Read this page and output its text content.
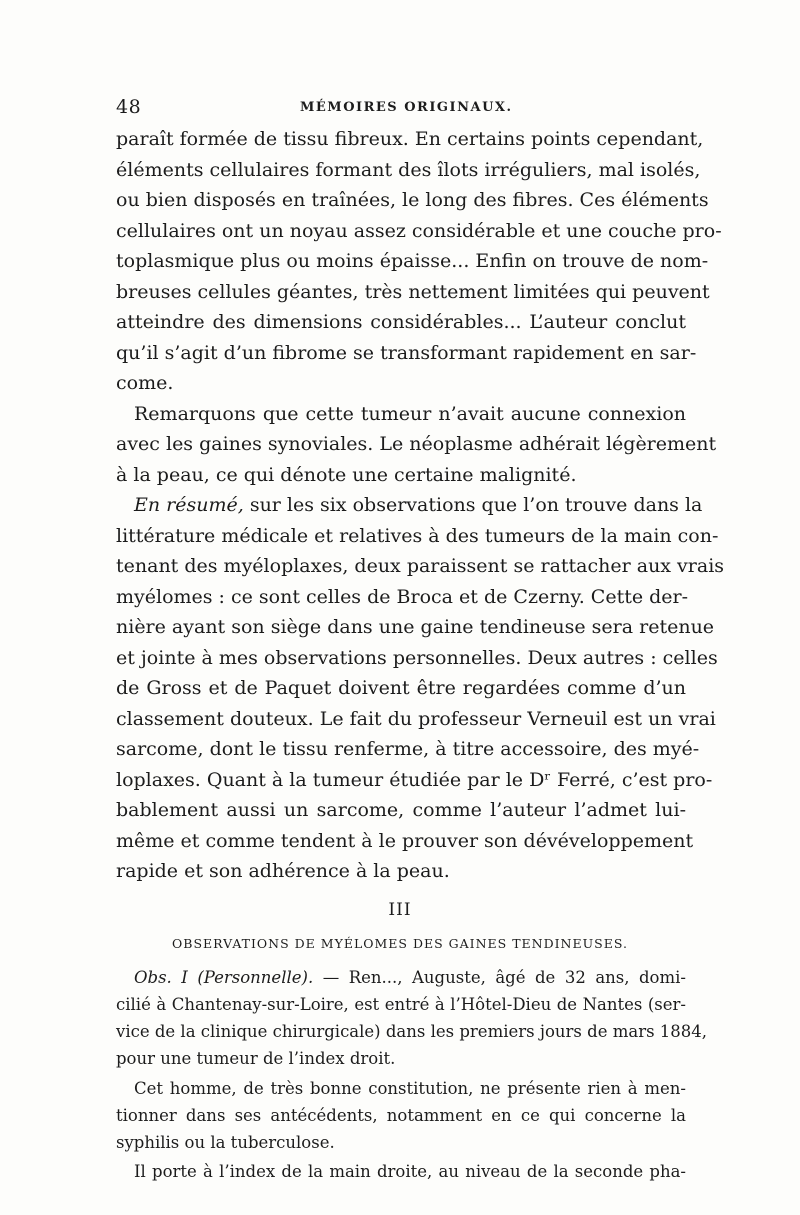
48	MÉMOIRES ORIGINAUX.
paraît formée de tissu fibreux. En certains points cependant,
éléments cellulaires formant des îlots irréguliers, mal isolés,
ou bien disposés en traînées, le long des fibres. Ces éléments
cellulaires ont un noyau assez considérable et une couche pro-
toplasmique plus ou moins épaisse... Enfin on trouve de nom-
breuses cellules géantes, très nettement limitées qui peuvent
atteindre des dimensions considérables... L’auteur conclut
qu’il s’agit d’un fibrome se transformant rapidement en sar-
come.
Remarquons que cette tumeur n’avait aucune connexion
avec les gaines synoviales. Le néoplasme adhérait légèrement
à la peau, ce qui dénote une certaine malignité.
En résumé, sur les six observations que l’on trouve dans la
littérature médicale et relatives à des tumeurs de la main con-
tenant des myéloplaxes, deux paraissent se rattacher aux vrais
myélomes : ce sont celles de Broca et de Czerny. Cette der-
nière ayant son siège dans une gaine tendineuse sera retenue
et jointe à mes observations personnelles. Deux autres : celles
de Gross et de Paquet doivent être regardées comme d’un
classement douteux. Le fait du professeur Verneuil est un vrai
sarcome, dont le tissu renferme, à titre accessoire, des myé-
loplaxes. Quant à la tumeur étudiée par le Dʳ Ferré, c’est pro-
bablement aussi un sarcome, comme l’auteur l’admet lui-
même et comme tendent à le prouver son dévéveloppement
rapide et son adhérence à la peau.
III
OBSERVATIONS DE MYÉLOMES DES GAINES TENDINEUSES.
Obs. I (Personnelle). — Ren..., Auguste, âgé de 32 ans, domi-
cilié à Chantenay-sur-Loire, est entré à l’Hôtel-Dieu de Nantes (ser-
vice de la clinique chirurgicale) dans les premiers jours de mars 1884,
pour une tumeur de l’index droit.
Cet homme, de très bonne constitution, ne présente rien à men-
tionner dans ses antécédents, notamment en ce qui concerne la
syphilis ou la tuberculose.
Il porte à l’index de la main droite, au niveau de la seconde pha-
